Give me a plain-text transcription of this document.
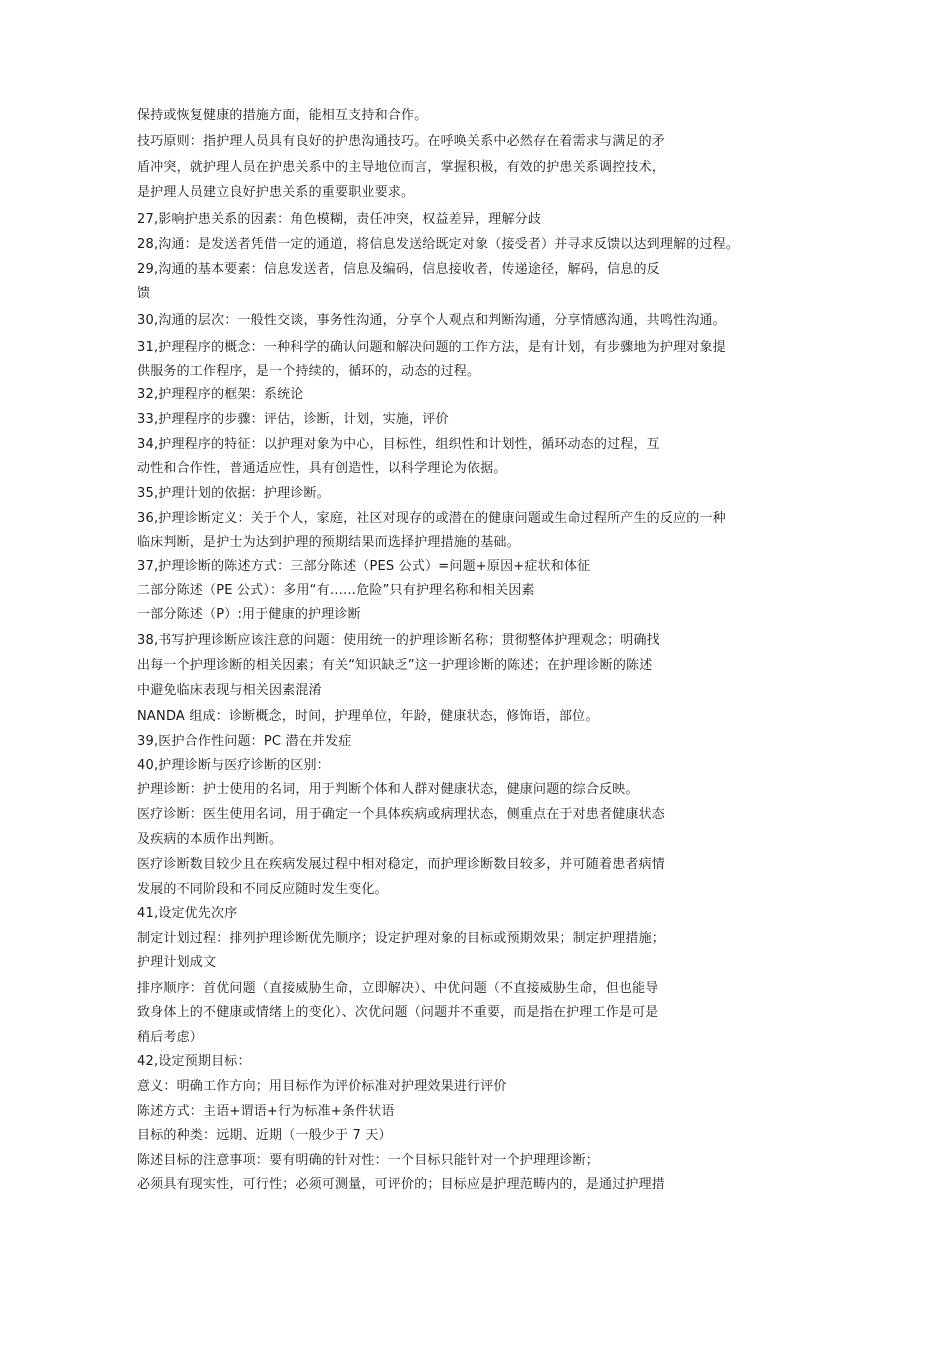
保持或恢复健康的措施方面，能相互支持和合作。
技巧原则：指护理人员具有良好的护患沟通技巧。在呼唤关系中必然存在着需求与满足的矛
盾冲突，就护理人员在护患关系中的主导地位而言，掌握积极，有效的护患关系调控技术，
是护理人员建立良好护患关系的重要职业要求。
27,影响护患关系的因素：角色模糊，责任冲突，权益差异，理解分歧
28,沟通：是发送者凭借一定的通道，将信息发送给既定对象（接受者）并寻求反馈以达到理解的过程。
29,沟通的基本要素：信息发送者，信息及编码，信息接收者，传递途径，解码，信息的反
馈
30,沟通的层次：一般性交谈，事务性沟通，分享个人观点和判断沟通，分享情感沟通，共鸣性沟通。
31,护理程序的概念：一种科学的确认问题和解决问题的工作方法，是有计划，有步骤地为护理对象提
供服务的工作程序，是一个持续的，循环的，动态的过程。
32,护理程序的框架：系统论
33,护理程序的步骤：评估，诊断，计划，实施，评价
34,护理程序的特征：以护理对象为中心，目标性，组织性和计划性，循环动态的过程，互
动性和合作性，普通适应性，具有创造性，以科学理论为依据。
35,护理计划的依据：护理诊断。
36,护理诊断定义：关于个人，家庭，社区对现存的或潜在的健康问题或生命过程所产生的反应的一种
临床判断，是护士为达到护理的预期结果而选择护理措施的基础。
37,护理诊断的陈述方式：三部分陈述（PES 公式）=问题+原因+症状和体征
二部分陈述（PE 公式）：多用“有……危险”只有护理名称和相关因素
一部分陈述（P）:用于健康的护理诊断
38,书写护理诊断应该注意的问题：使用统一的护理诊断名称；贯彻整体护理观念；明确找
出每一个护理诊断的相关因素；有关“知识缺乏”这一护理诊断的陈述；在护理诊断的陈述
中避免临床表现与相关因素混淆
NANDA 组成：诊断概念，时间，护理单位，年龄，健康状态，修饰语，部位。
39,医护合作性问题：PC 潜在并发症
40,护理诊断与医疗诊断的区别：
护理诊断：护士使用的名词，用于判断个体和人群对健康状态，健康问题的综合反映。
医疗诊断：医生使用名词，用于确定一个具体疾病或病理状态，侧重点在于对患者健康状态
及疾病的本质作出判断。
医疗诊断数目较少且在疾病发展过程中相对稳定，而护理诊断数目较多，并可随着患者病情
发展的不同阶段和不同反应随时发生变化。
41,设定优先次序
制定计划过程：排列护理诊断优先顺序；设定护理对象的目标或预期效果；制定护理措施；
护理计划成文
排序顺序：首优问题（直接威胁生命，立即解决）、中优问题（不直接威胁生命，但也能导
致身体上的不健康或情绪上的变化）、次优问题（问题并不重要，而是指在护理工作是可是
稍后考虑）
42,设定预期目标：
意义：明确工作方向；用目标作为评价标准对护理效果进行评价
陈述方式：主语+谓语+行为标准+条件状语
目标的种类：远期、近期（一般少于 7 天）
陈述目标的注意事项：要有明确的针对性：一个目标只能针对一个护理理诊断；
必须具有现实性，可行性；必须可测量，可评价的；目标应是护理范畴内的，是通过护理措
